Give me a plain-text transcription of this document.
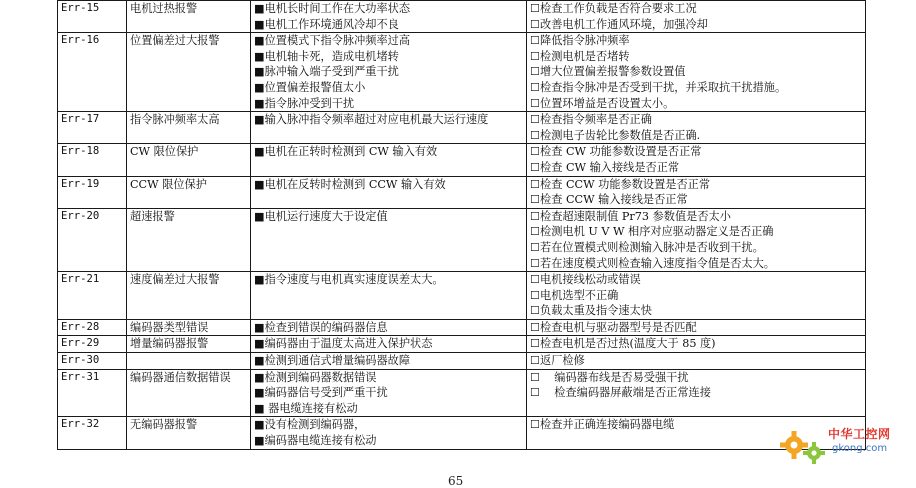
Err-15	电机过热报警	■电机长时间工作在大功率状态
■电机工作环境通风冷却不良	☐检查工作负载是否符合要求工况
☐改善电机工作通风环境，加强冷却

Err-16	位置偏差过大报警	■位置模式下指令脉冲频率过高
■电机轴卡死，造成电机堵转
■脉冲输入端子受到严重干扰
■位置偏差报警值太小
■指令脉冲受到干扰	☐降低指令脉冲频率
☐检测电机是否堵转
☐增大位置偏差报警参数设置值
☐检查指令脉冲是否受到干扰，并采取抗干扰措施。
☐位置环增益是否设置太小。

Err-17	指令脉冲频率太高	■输入脉冲指令频率超过对应电机最大运行速度	☐检查指令频率是否正确
☐检测电子齿轮比参数值是否正确.

Err-18	CW 限位保护	■电机在正转时检测到 CW 输入有效	☐检查 CW 功能参数设置是否正常
☐检查 CW 输入接线是否正常

Err-19	CCW 限位保护	■电机在反转时检测到 CCW 输入有效	☐检查 CCW 功能参数设置是否正常
☐检查 CCW 输入接线是否正常

Err-20	超速报警	■电机运行速度大于设定值	☐检查超速限制值 Pr73 参数值是否太小
☐检测电机 U V W 相序对应驱动器定义是否正确
☐若在位置模式则检测输入脉冲是否收到干扰。
☐若在速度模式则检查输入速度指令值是否太大。

Err-21	速度偏差过大报警	■指令速度与电机真实速度误差太大。	☐电机接线松动或错误
☐电机选型不正确
☐负载太重及指令速太快

Err-28	编码器类型错误	■检查到错误的编码器信息	☐检查电机与驱动器型号是否匹配

Err-29	增量编码器报警	■编码器由于温度太高进入保护状态	☐检查电机是否过热(温度大于 85 度)

Err-30		■检测到通信式增量编码器故障	☐返厂检修

Err-31	编码器通信数据错误	■检测到编码器数据错误
■编码器信号受到严重干扰
■ 器电缆连接有松动	☐    编码器布线是否易受强干扰
☐    检查编码器屏蔽端是否正常连接

Err-32	无编码器报警	■没有检测到编码器，
■编码器电缆连接有松动	☐检查并正确连接编码器电缆
65
中华工控网
gkong.com
